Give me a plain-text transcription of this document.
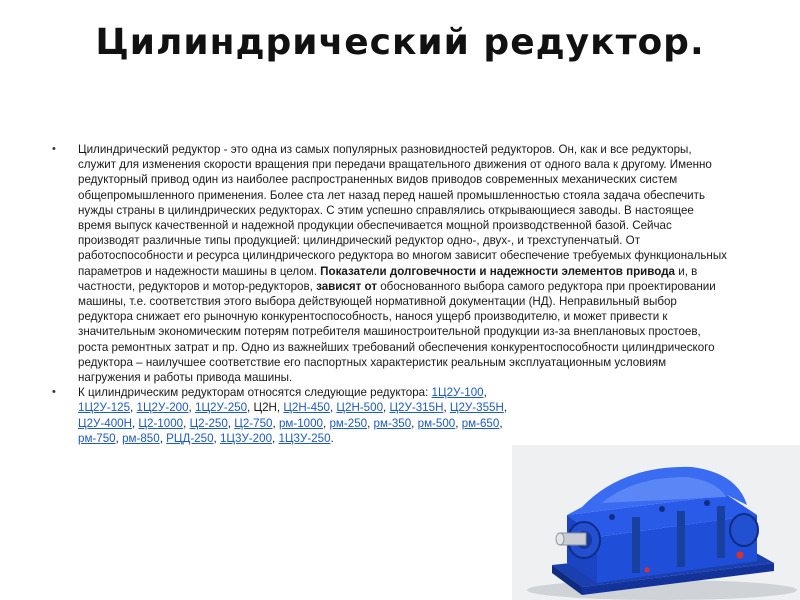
Цилиндрический редуктор.
• Цилиндрический редуктор - это одна из самых популярных разновидностей редукторов. Он, как и все редукторы, служит для изменения скорости вращения при передачи вращательного движения от одного вала к другому. Именно редукторный привод один из наиболее распространенных видов приводов современных механических систем общепромышленного применения. Более ста лет назад перед нашей промышленностью стояла задача обеспечить нужды страны в цилиндрических редукторах. С этим успешно справлялись открывающиеся заводы. В настоящее время выпуск качественной и надежной продукции обеспечивается мощной производственной базой. Сейчас производят различные типы продукцией: цилиндрический редуктор одно-, двух-, и трехступенчатый. От работоспособности и ресурса цилиндрического редуктора во многом зависит обеспечение требуемых функциональных параметров и надежности машины в целом. Показатели долговечности и надежности элементов привода и, в частности, редукторов и мотор-редукторов, зависят от обоснованного выбора самого редуктора при проектировании машины, т.е. соответствия этого выбора действующей нормативной документации (НД). Неправильный выбор редуктора снижает его рыночную конкурентоспособность, нанося ущерб производителю, и может привести к значительным экономическим потерям потребителя машиностроительной продукции из-за внеплановых простоев, роста ремонтных затрат и пр. Одно из важнейших требований обеспечения конкурентоспособности цилиндрического редуктора – наилучшее соответствие его паспортных характеристик реальным эксплуатационным условиям нагружения и работы привода машины.
• К цилиндрическим редукторам относятся следующие редуктора: 1Ц2У-100, 1Ц2У-125, 1Ц2У-200, 1Ц2У-250, Ц2Н, Ц2Н-450, Ц2Н-500, Ц2У-315Н, Ц2У-355Н, Ц2У-400Н, Ц2-1000, Ц2-250, Ц2-750, рм-1000, рм-250, рм-350, рм-500, рм-650, рм-750, рм-850, РЦД-250, 1Ц3У-200, 1Ц3У-250.
